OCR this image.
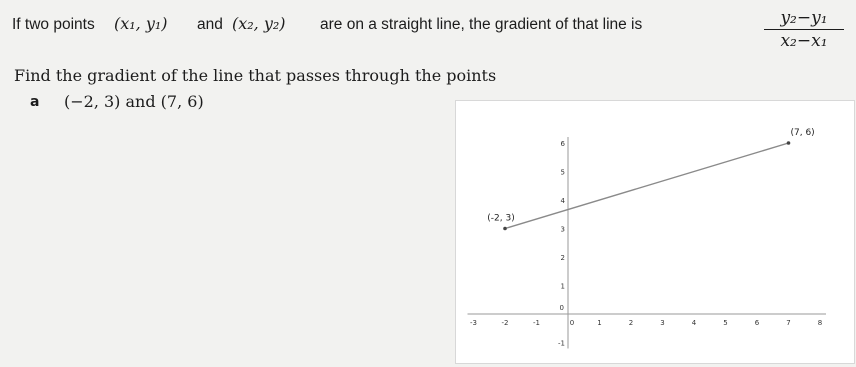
If two points (x₁, y₁) and (x₂, y₂) are on a straight line, the gradient of that line is	$\frac{\text{y₂−y₁}}{\text{x₂−x₁}}$
Find the gradient of the line that passes through the points
a (−2, 3) and (7, 6)
-3	-2	-1	0	1	2	3	4	5	6	7	8
-1
0
1
2
3
4
5
6
(-2, 3)
(7, 6)
